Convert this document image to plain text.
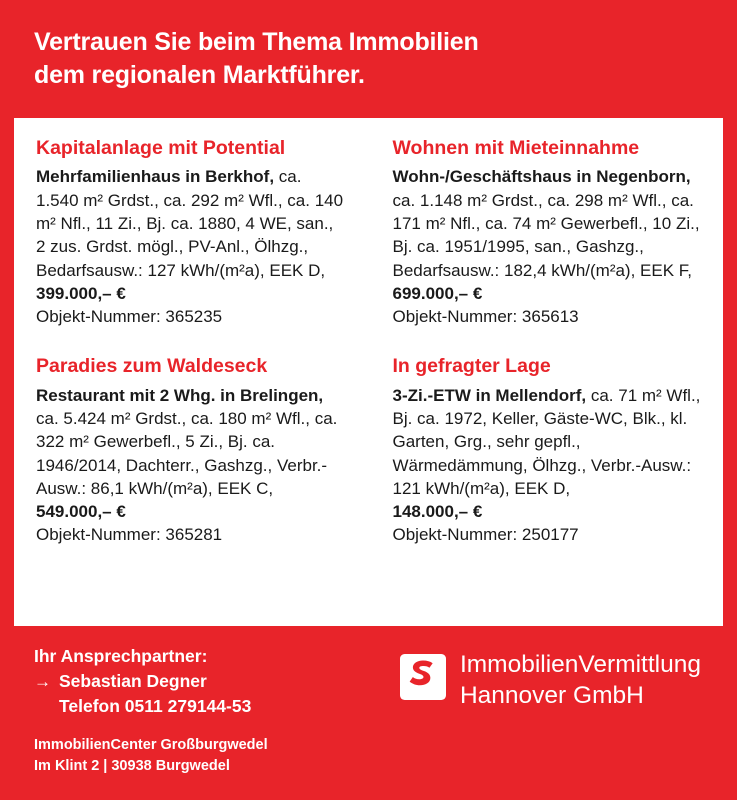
Vertrauen Sie beim Thema Immobilien
dem regionalen Marktführer.
Kapitalanlage mit Potential
Mehrfamilienhaus in Berkhof, ca. 1.540 m² Grdst., ca. 292 m² Wfl., ca. 140 m² Nfl., 11 Zi., Bj. ca. 1880, 4 WE, san., 2 zus. Grdst. mögl., PV-Anl., Ölhzg., Bedarfsausw.: 127 kWh/(m²a), EEK D,
399.000,– €
Objekt-Nummer: 365235
Paradies zum Waldeseck
Restaurant mit 2 Whg. in Brelingen, ca. 5.424 m² Grdst., ca. 180 m² Wfl., ca. 322 m² Gewerbefl., 5 Zi., Bj. ca. 1946/2014, Dachterr., Gashzg., Verbr.-Ausw.: 86,1 kWh/(m²a), EEK C,
549.000,– €
Objekt-Nummer: 365281
Wohnen mit Mieteinnahme
Wohn-/Geschäftshaus in Negenborn, ca. 1.148 m² Grdst., ca. 298 m² Wfl., ca. 171 m² Nfl., ca. 74 m² Gewerbefl., 10 Zi., Bj. ca. 1951/1995, san., Gashzg., Bedarfsausw.: 182,4 kWh/(m²a), EEK F,
699.000,– €
Objekt-Nummer: 365613
In gefragter Lage
3-Zi.-ETW in Mellendorf, ca. 71 m² Wfl., Bj. ca. 1972, Keller, Gäste-WC, Blk., kl. Garten, Grg., sehr gepfl., Wärmedämmung, Ölhzg., Verbr.-Ausw.: 121 kWh/(m²a), EEK D,
148.000,– €
Objekt-Nummer: 250177
Ihr Ansprechpartner:
→ Sebastian Degner
Telefon 0511 279144-53
ImmobilienVermittlung
Hannover GmbH
ImmobilienCenter Großburgwedel
Im Klint 2 | 30938 Burgwedel
